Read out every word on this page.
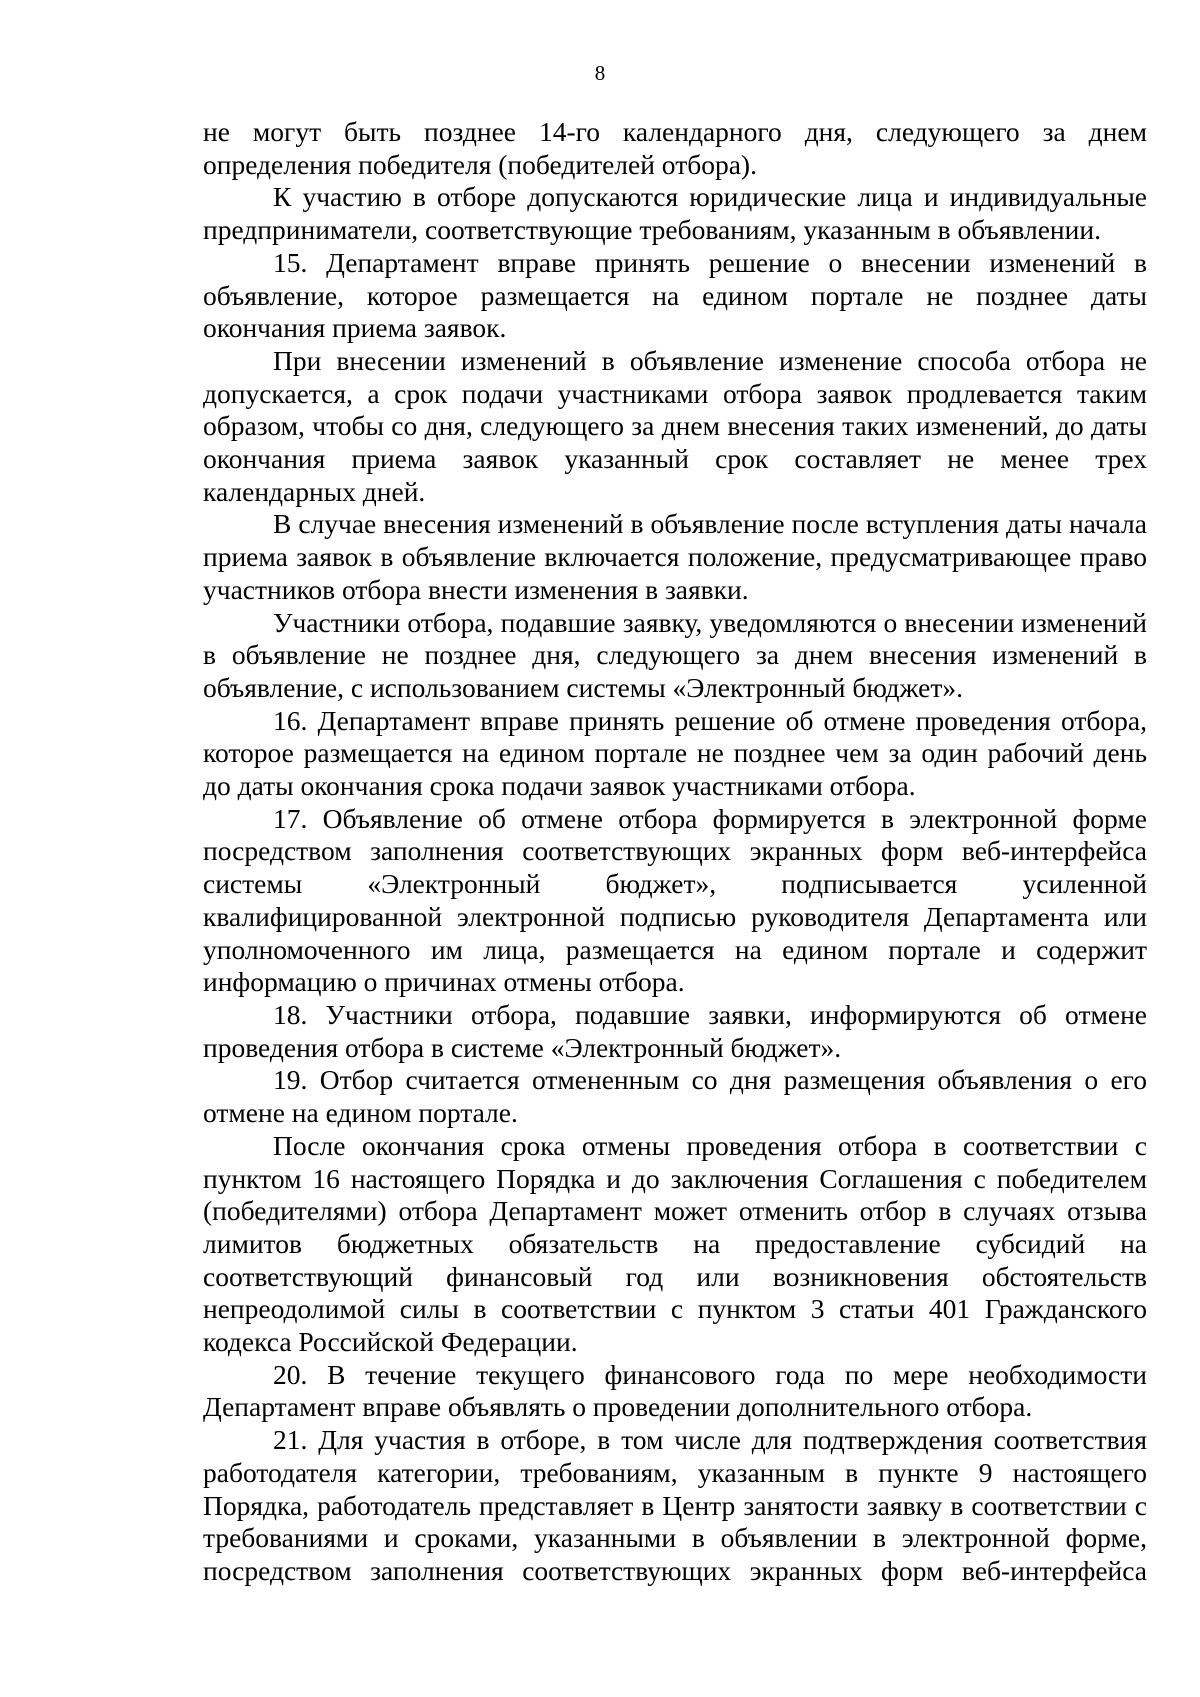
8

не могут быть позднее 14-го календарного дня, следующего за днем определения победителя (победителей отбора).

К участию в отборе допускаются юридические лица и индивидуальные предприниматели, соответствующие требованиям, указанным в объявлении.

15. Департамент вправе принять решение о внесении изменений в объявление, которое размещается на едином портале не позднее даты окончания приема заявок.

При внесении изменений в объявление изменение способа отбора не допускается, а срок подачи участниками отбора заявок продлевается таким образом, чтобы со дня, следующего за днем внесения таких изменений, до даты окончания приема заявок указанный срок составляет не менее трех календарных дней.

В случае внесения изменений в объявление после вступления даты начала приема заявок в объявление включается положение, предусматривающее право участников отбора внести изменения в заявки.

Участники отбора, подавшие заявку, уведомляются о внесении изменений в объявление не позднее дня, следующего за днем внесения изменений в объявление, с использованием системы «Электронный бюджет».

16. Департамент вправе принять решение об отмене проведения отбора, которое размещается на едином портале не позднее чем за один рабочий день до даты окончания срока подачи заявок участниками отбора.

17. Объявление об отмене отбора формируется в электронной форме посредством заполнения соответствующих экранных форм веб-интерфейса системы «Электронный бюджет», подписывается усиленной квалифицированной электронной подписью руководителя Департамента или уполномоченного им лица, размещается на едином портале и содержит информацию о причинах отмены отбора.

18. Участники отбора, подавшие заявки, информируются об отмене проведения отбора в системе «Электронный бюджет».

19. Отбор считается отмененным со дня размещения объявления о его отмене на едином портале.

После окончания срока отмены проведения отбора в соответствии с пунктом 16 настоящего Порядка и до заключения Соглашения с победителем (победителями) отбора Департамент может отменить отбор в случаях отзыва лимитов бюджетных обязательств на предоставление субсидий на соответствующий финансовый год или возникновения обстоятельств непреодолимой силы в соответствии с пунктом 3 статьи 401 Гражданского кодекса Российской Федерации.

20. В течение текущего финансового года по мере необходимости Департамент вправе объявлять о проведении дополнительного отбора.

21. Для участия в отборе, в том числе для подтверждения соответствия работодателя категории, требованиям, указанным в пункте 9 настоящего Порядка, работодатель представляет в Центр занятости заявку в соответствии с требованиями и сроками, указанными в объявлении в электронной форме, посредством заполнения соответствующих экранных форм веб-интерфейса
